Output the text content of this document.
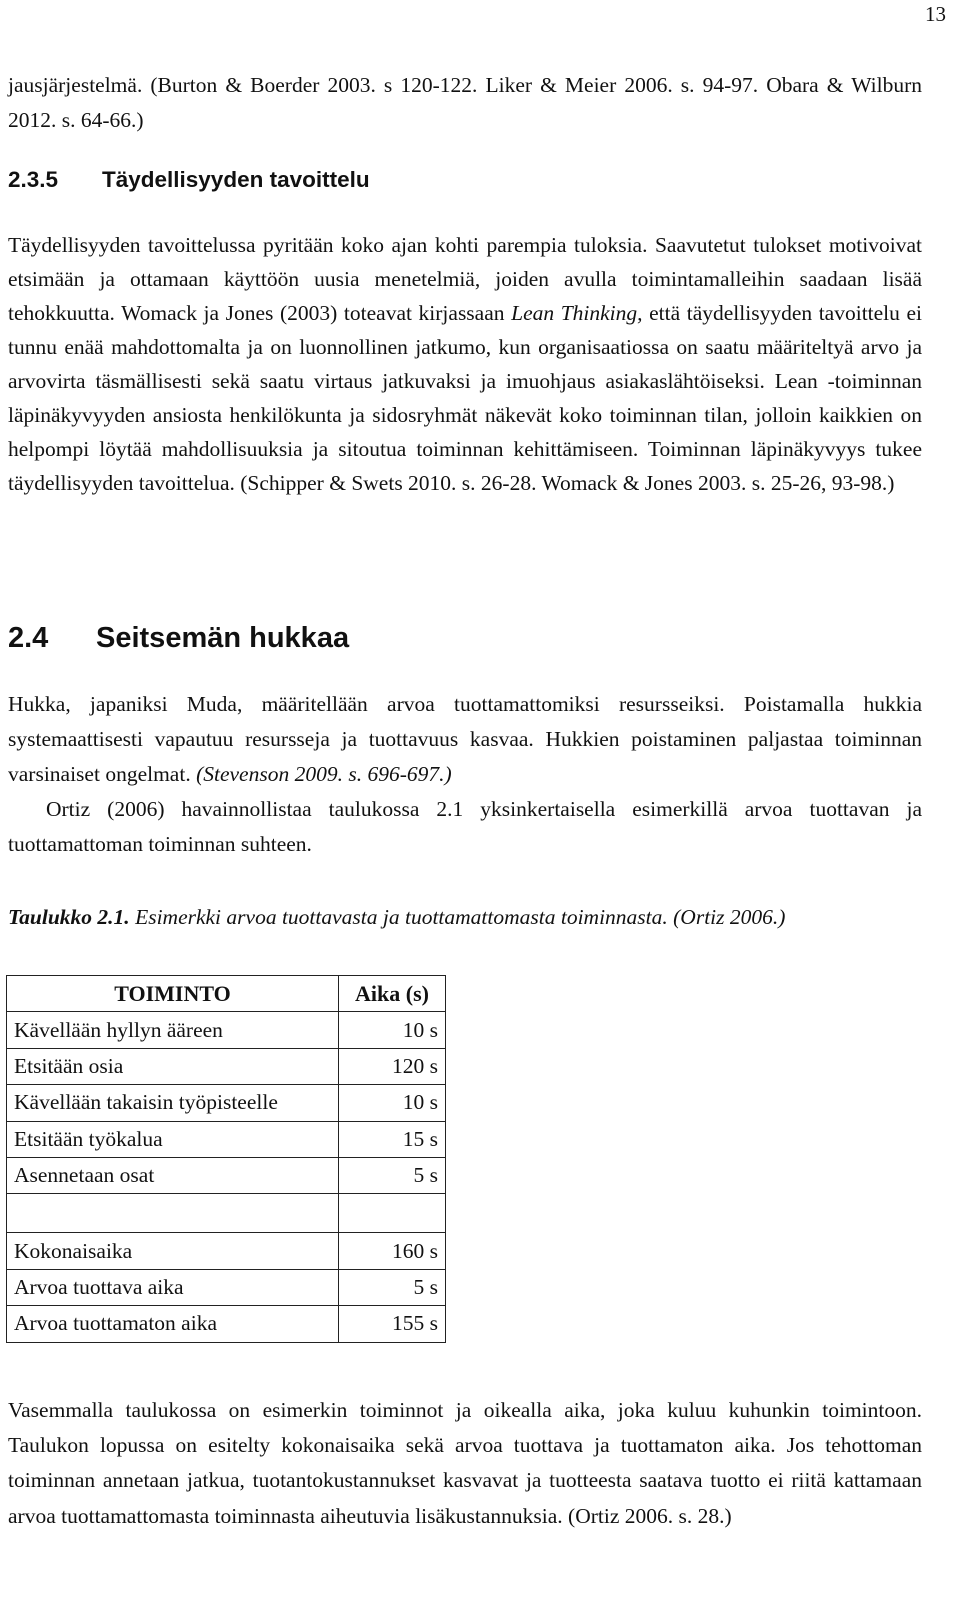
13

jausjärjestelmä. (Burton & Boerder 2003. s 120-122. Liker & Meier 2006. s. 94-97. Obara & Wilburn 2012. s. 64-66.)

2.3.5 Täydellisyyden tavoittelu

Täydellisyyden tavoittelussa pyritään koko ajan kohti parempia tuloksia. Saavutetut tulokset motivoivat etsimään ja ottamaan käyttöön uusia menetelmiä, joiden avulla toimintamalleihin saadaan lisää tehokkuutta. Womack ja Jones (2003) toteavat kirjassaan Lean Thinking, että täydellisyyden tavoittelu ei tunnu enää mahdottomalta ja on luonnollinen jatkumo, kun organisaatiossa on saatu määriteltyä arvo ja arvovirta täsmällisesti sekä saatu virtaus jatkuvaksi ja imuohjaus asiakaslähtöiseksi. Lean -toiminnan läpinäkyvyyden ansiosta henkilökunta ja sidosryhmät näkevät koko toiminnan tilan, jolloin kaikkien on helpompi löytää mahdollisuuksia ja sitoutua toiminnan kehittämiseen. Toiminnan läpinäkyvyys tukee täydellisyyden tavoittelua. (Schipper & Swets 2010. s. 26-28. Womack & Jones 2003. s. 25-26, 93-98.)

2.4 Seitsemän hukkaa

Hukka, japaniksi Muda, määritellään arvoa tuottamattomiksi resursseiksi. Poistamalla hukkia systemaattisesti vapautuu resursseja ja tuottavuus kasvaa. Hukkien poistaminen paljastaa toiminnan varsinaiset ongelmat. (Stevenson 2009. s. 696-697.)

Ortiz (2006) havainnollistaa taulukossa 2.1 yksinkertaisella esimerkillä arvoa tuottavan ja tuottamattoman toiminnan suhteen.

Taulukko 2.1. Esimerkki arvoa tuottavasta ja tuottamattomasta toiminnasta. (Ortiz 2006.)

TOIMINTO	Aika (s)
Kävellään hyllyn ääreen	10 s
Etsitään osia	120 s
Kävellään takaisin työpisteelle	10 s
Etsitään työkalua	15 s
Asennetaan osat	5 s

Kokonaisaika	160 s
Arvoa tuottava aika	5 s
Arvoa tuottamaton aika	155 s

Vasemmalla taulukossa on esimerkin toiminnot ja oikealla aika, joka kuluu kuhunkin toimintoon. Taulukon lopussa on esitelty kokonaisaika sekä arvoa tuottava ja tuottamaton aika. Jos tehottoman toiminnan annetaan jatkua, tuotantokustannukset kasvavat ja tuotteesta saatava tuotto ei riitä kattamaan arvoa tuottamattomasta toiminnasta aiheutuvia lisäkustannuksia. (Ortiz 2006. s. 28.)
